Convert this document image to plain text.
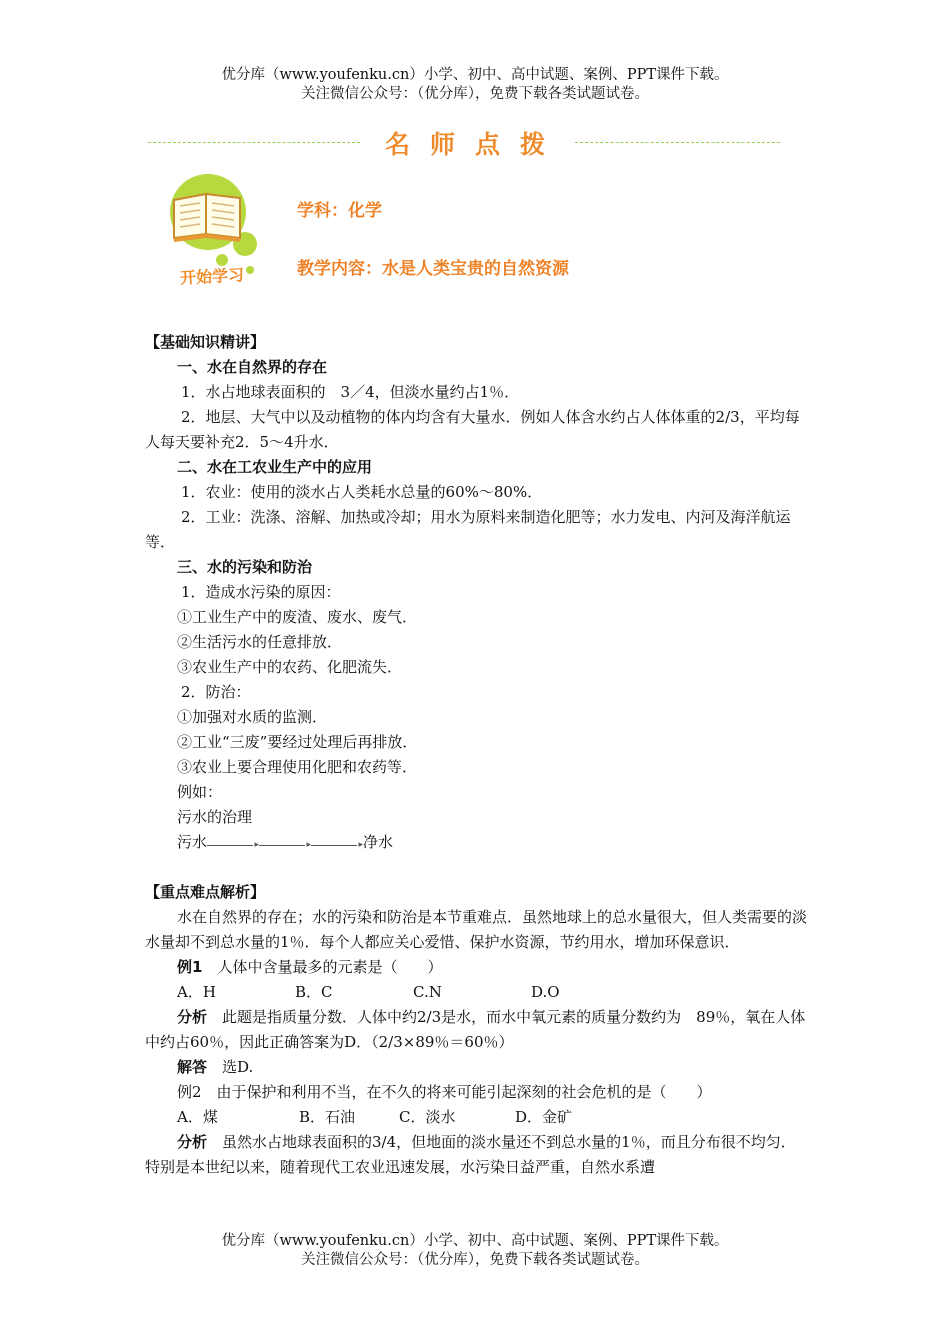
优分库（www.youfenku.cn）小学、初中、高中试题、案例、PPT课件下载。
关注微信公众号：（优分库），免费下载各类试题试卷。
名师点拨
开始学习
学科：化学
教学内容：水是人类宝贵的自然资源

【基础知识精讲】

一、水在自然界的存在

1．水占地球表面积的　3／4，但淡水量约占1％．

2．地层、大气中以及动植物的体内均含有大量水．例如人体含水约占人体体重的2/3，平均每人每天要补充2．5～4升水．

二、水在工农业生产中的应用

1．农业：使用的淡水占人类耗水总量的60%～80%．

2．工业：洗涤、溶解、加热或冷却；用水为原料来制造化肥等；水力发电、内河及海洋航运等．

三、水的污染和防治

1．造成水污染的原因：

①工业生产中的废渣、废水、废气．

②生活污水的任意排放．

③农业生产中的农药、化肥流失．

2．防治：

①加强对水质的监测．

②工业“三废”要经过处理后再排放．

③农业上要合理使用化肥和农药等．

例如：

污水的治理

污水	▸	▸	▸ 净水

【重点难点解析】

水在自然界的存在；水的污染和防治是本节重难点．虽然地球上的总水量很大，但人类需要的淡水量却不到总水量的1％．每个人都应关心爱惜、保护水资源，节约用水，增加环保意识．

例1　人体中含量最多的元素是（　　）

A．H	B．C	C.N	D.O

分析　此题是指质量分数．人体中约2/3是水，而水中氧元素的质量分数约为　89％，氧在人体中约占60％，因此正确答案为D．（2/3×89％＝60％）

解答　选D.

例2　由于保护和利用不当，在不久的将来可能引起深刻的社会危机的是（　　）

A．煤	B．石油	C．淡水	D．金矿

分析　虽然水占地球表面积的3/4，但地面的淡水量还不到总水量的1％，而且分布很不均匀．特别是本世纪以来，随着现代工农业迅速发展，水污染日益严重，自然水系遭

优分库（www.youfenku.cn）小学、初中、高中试题、案例、PPT课件下载。
关注微信公众号：（优分库），免费下载各类试题试卷。
